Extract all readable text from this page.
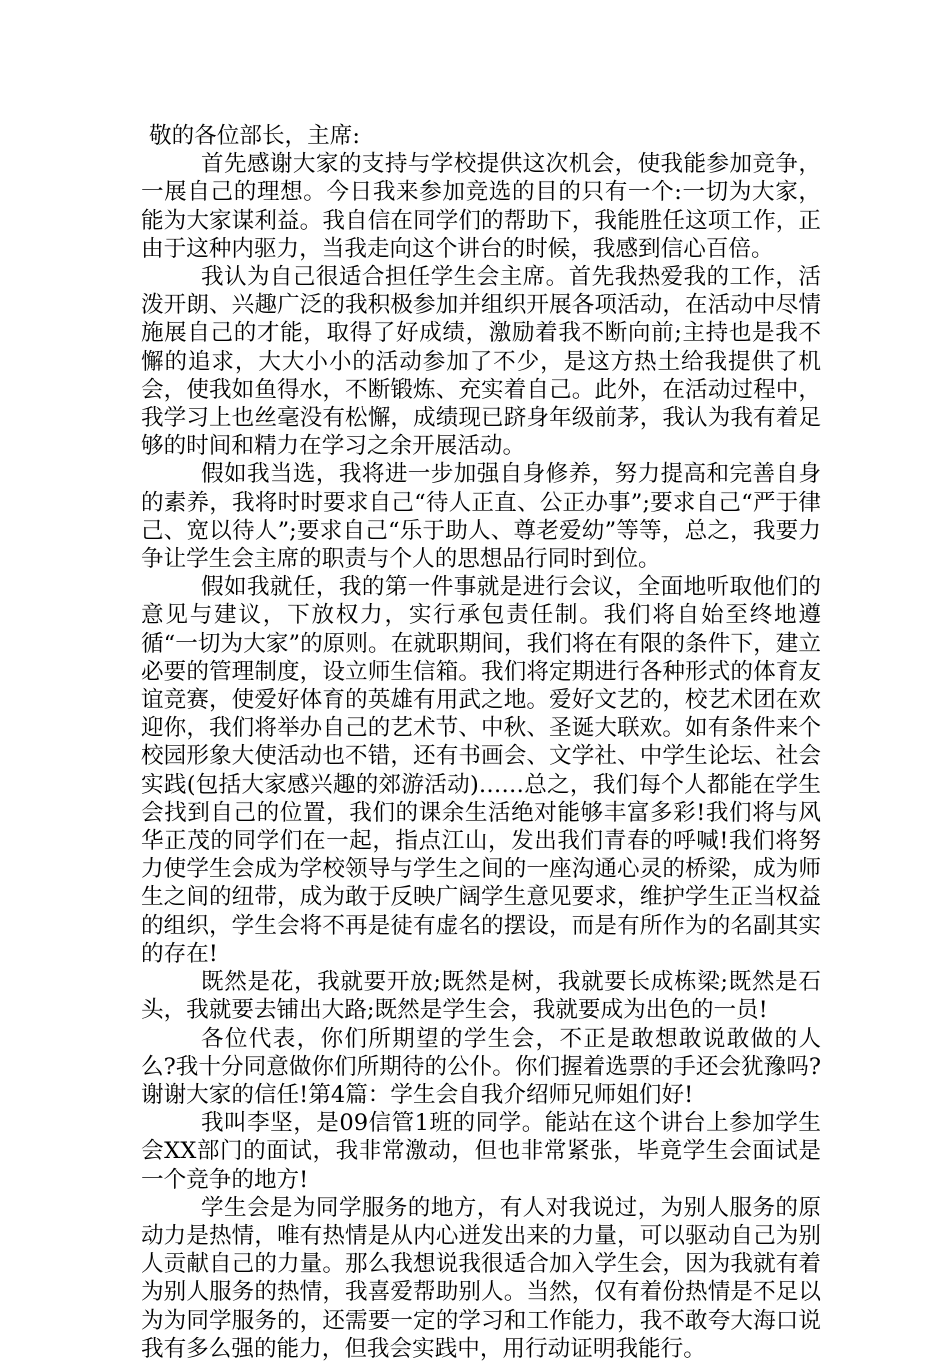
敬的各位部长，主席:

首先感谢大家的支持与学校提供这次机会，使我能参加竞争，一展自己的理想。今日我来参加竞选的目的只有一个:一切为大家，能为大家谋利益。我自信在同学们的帮助下，我能胜任这项工作，正由于这种内驱力，当我走向这个讲台的时候，我感到信心百倍。

我认为自己很适合担任学生会主席。首先我热爱我的工作，活泼开朗、兴趣广泛的我积极参加并组织开展各项活动，在活动中尽情施展自己的才能，取得了好成绩，激励着我不断向前;主持也是我不懈的追求，大大小小的活动参加了不少，是这方热土给我提供了机会，使我如鱼得水，不断锻炼、充实着自己。此外，在活动过程中，我学习上也丝毫没有松懈，成绩现已跻身年级前茅，我认为我有着足够的时间和精力在学习之余开展活动。

假如我当选，我将进一步加强自身修养，努力提高和完善自身的素养，我将时时要求自己“待人正直、公正办事”;要求自己“严于律己、宽以待人”;要求自己“乐于助人、尊老爱幼”等等，总之，我要力争让学生会主席的职责与个人的思想品行同时到位。

假如我就任，我的第一件事就是进行会议，全面地听取他们的意见与建议，下放权力，实行承包责任制。我们将自始至终地遵循“一切为大家”的原则。在就职期间，我们将在有限的条件下，建立必要的管理制度，设立师生信箱。我们将定期进行各种形式的体育友谊竞赛，使爱好体育的英雄有用武之地。爱好文艺的，校艺术团在欢迎你，我们将举办自己的艺术节、中秋、圣诞大联欢。如有条件来个校园形象大使活动也不错，还有书画会、文学社、中学生论坛、社会实践(包括大家感兴趣的郊游活动)……总之，我们每个人都能在学生会找到自己的位置，我们的课余生活绝对能够丰富多彩!我们将与风华正茂的同学们在一起，指点江山，发出我们青春的呼喊!我们将努力使学生会成为学校领导与学生之间的一座沟通心灵的桥梁，成为师生之间的纽带，成为敢于反映广阔学生意见要求，维护学生正当权益的组织，学生会将不再是徒有虚名的摆设，而是有所作为的名副其实的存在!

既然是花，我就要开放;既然是树，我就要长成栋梁;既然是石头，我就要去铺出大路;既然是学生会，我就要成为出色的一员!

各位代表，你们所期望的学生会，不正是敢想敢说敢做的人么?我十分同意做你们所期待的公仆。你们握着选票的手还会犹豫吗?谢谢大家的信任!第4篇：学生会自我介绍师兄师姐们好!

我叫李坚，是09信管1班的同学。能站在这个讲台上参加学生会XX部门的面试，我非常激动，但也非常紧张，毕竟学生会面试是一个竞争的地方!

学生会是为同学服务的地方，有人对我说过，为别人服务的原动力是热情，唯有热情是从内心迸发出来的力量，可以驱动自己为别人贡献自己的力量。那么我想说我很适合加入学生会，因为我就有着为别人服务的热情，我喜爱帮助别人。当然，仅有着份热情是不足以为为同学服务的，还需要一定的学习和工作能力，我不敢夸大海口说我有多么强的能力，但我会实践中，用行动证明我能行。
